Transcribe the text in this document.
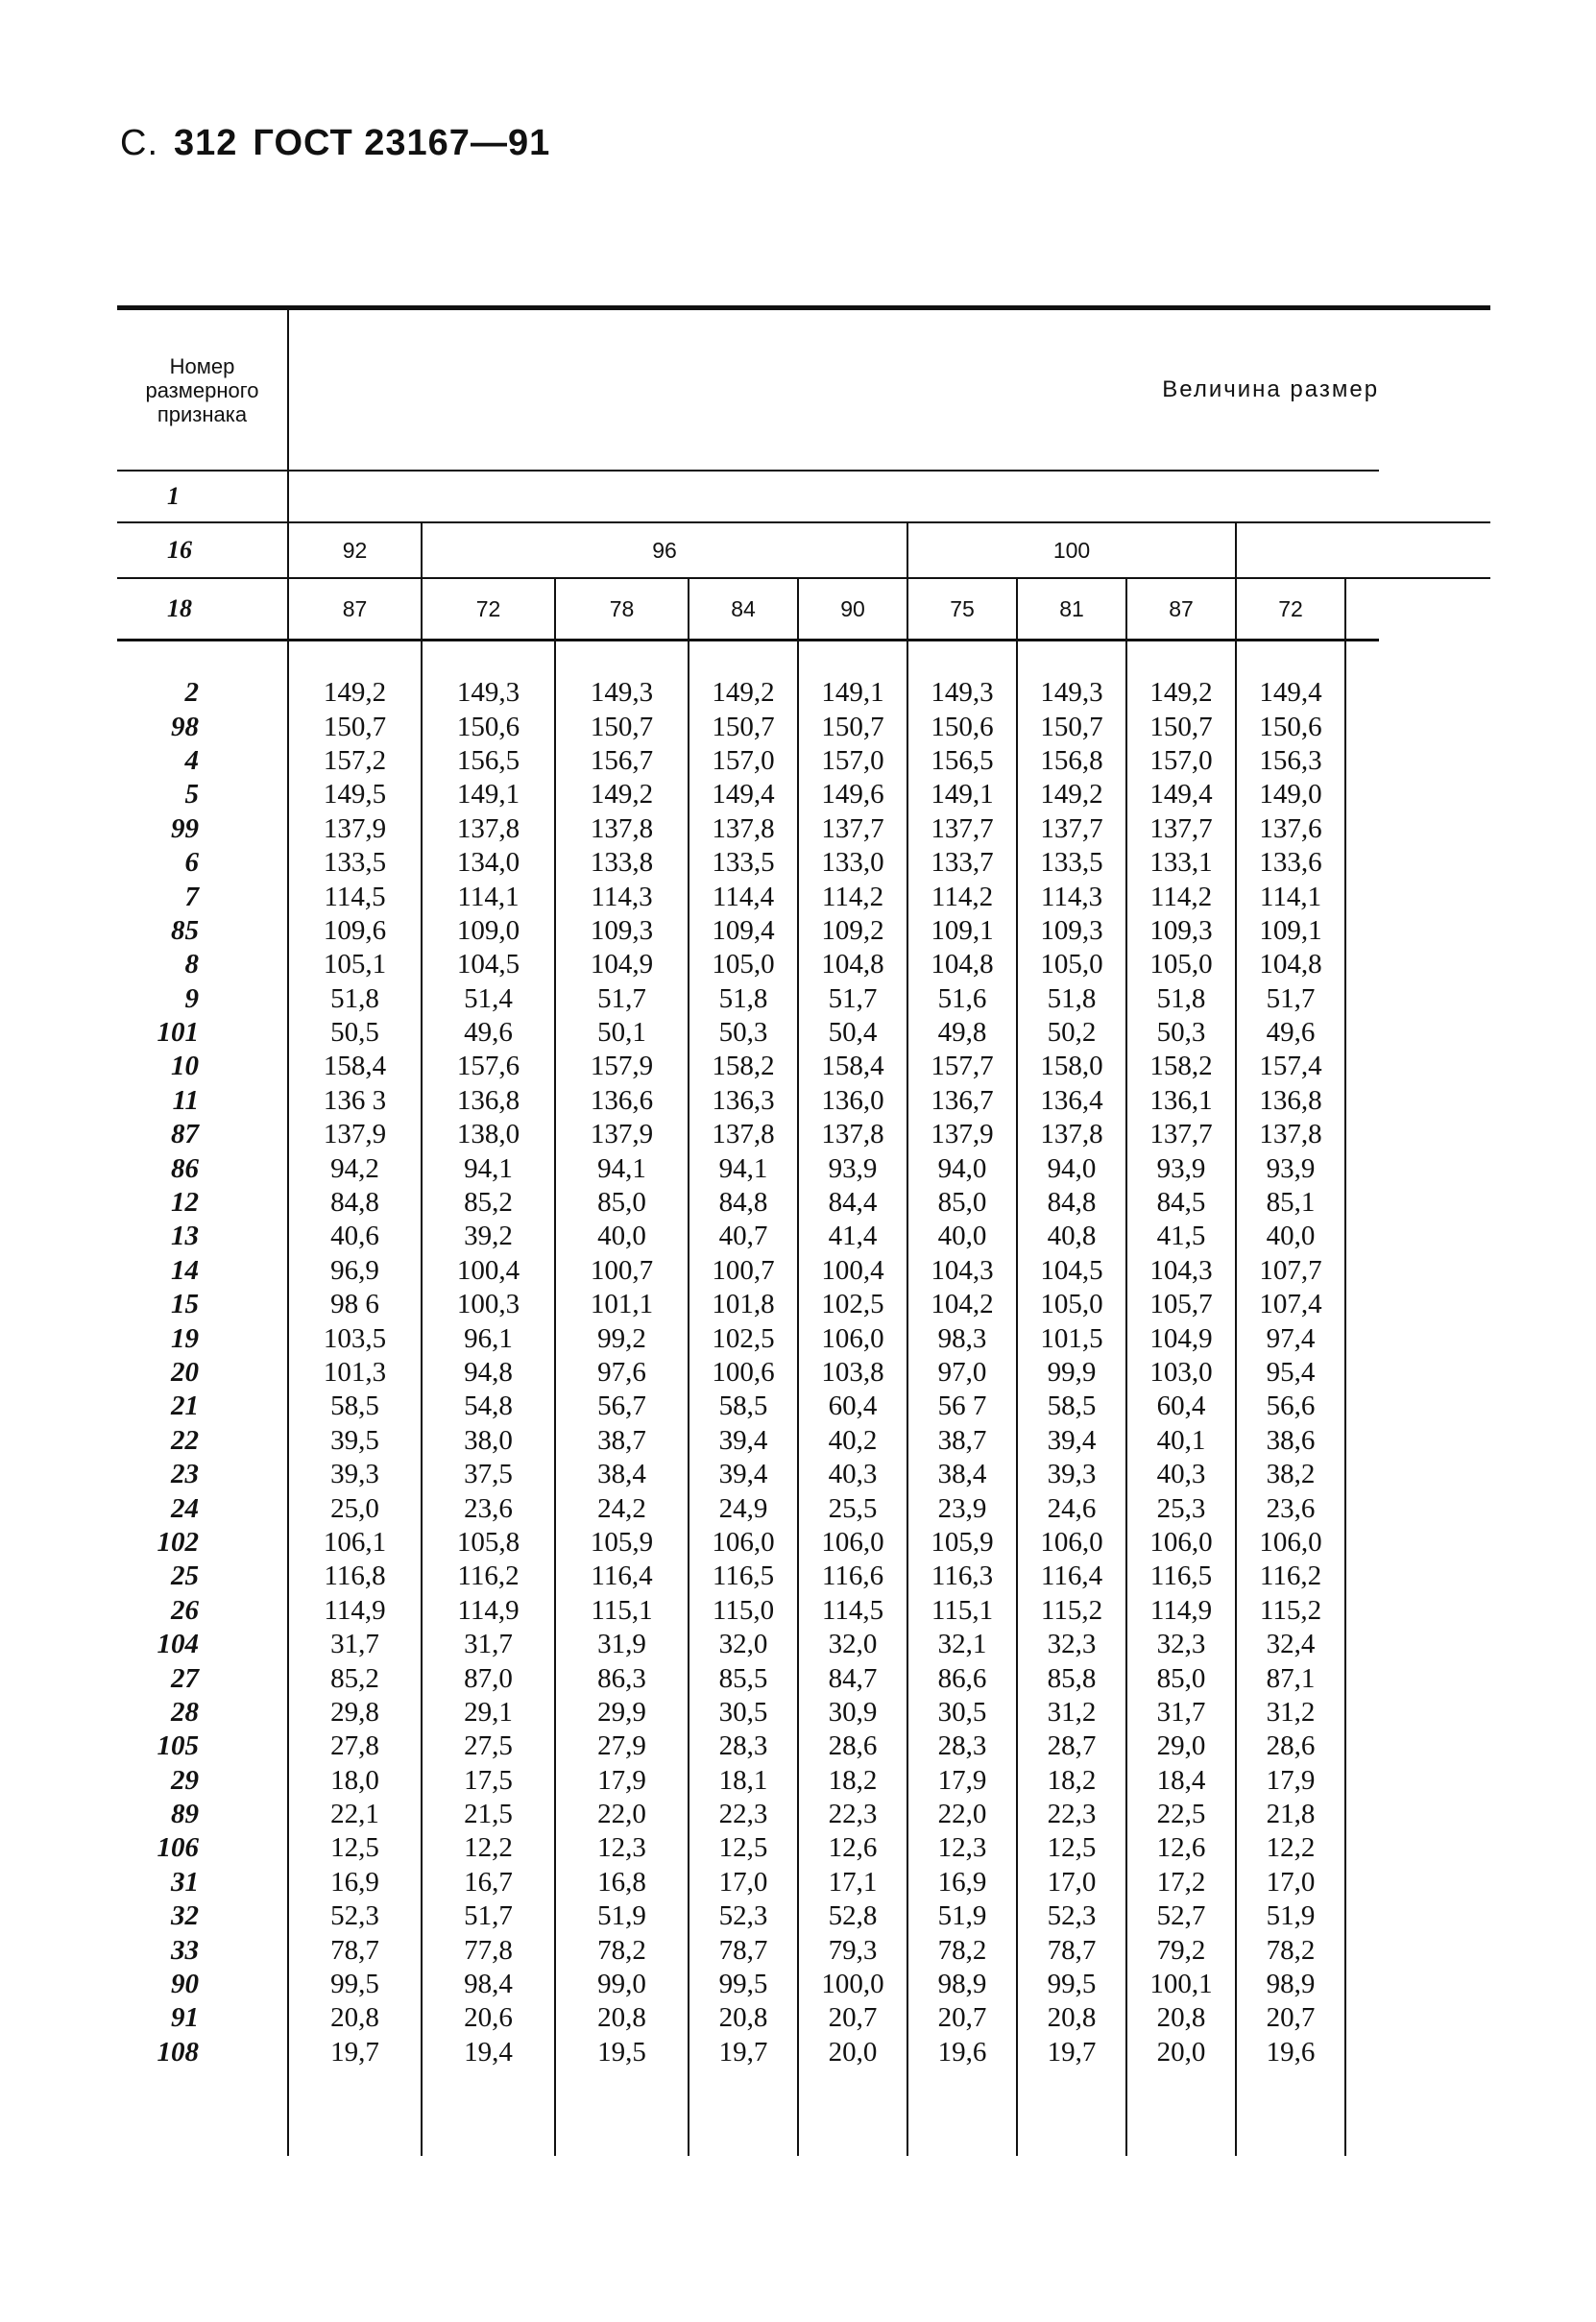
С. 312 ГОСТ 23167—91
Номер
размерного
признака	Величина размер									
1										
16	92	96				100				
18	87	72	78	84	90	75	81	87	72	
2	149,2	149,3	149,3	149,2	149,1	149,3	149,3	149,2	149,4	
98	150,7	150,6	150,7	150,7	150,7	150,6	150,7	150,7	150,6	
4	157,2	156,5	156,7	157,0	157,0	156,5	156,8	157,0	156,3	
5	149,5	149,1	149,2	149,4	149,6	149,1	149,2	149,4	149,0	
99	137,9	137,8	137,8	137,8	137,7	137,7	137,7	137,7	137,6	
6	133,5	134,0	133,8	133,5	133,0	133,7	133,5	133,1	133,6	
7	114,5	114,1	114,3	114,4	114,2	114,2	114,3	114,2	114,1	
85	109,6	109,0	109,3	109,4	109,2	109,1	109,3	109,3	109,1	
8	105,1	104,5	104,9	105,0	104,8	104,8	105,0	105,0	104,8	
9	51,8	51,4	51,7	51,8	51,7	51,6	51,8	51,8	51,7	
101	50,5	49,6	50,1	50,3	50,4	49,8	50,2	50,3	49,6	
10	158,4	157,6	157,9	158,2	158,4	157,7	158,0	158,2	157,4	
11	136 3	136,8	136,6	136,3	136,0	136,7	136,4	136,1	136,8	
87	137,9	138,0	137,9	137,8	137,8	137,9	137,8	137,7	137,8	
86	94,2	94,1	94,1	94,1	93,9	94,0	94,0	93,9	93,9	
12	84,8	85,2	85,0	84,8	84,4	85,0	84,8	84,5	85,1	
13	40,6	39,2	40,0	40,7	41,4	40,0	40,8	41,5	40,0	
14	96,9	100,4	100,7	100,7	100,4	104,3	104,5	104,3	107,7	
15	98 6	100,3	101,1	101,8	102,5	104,2	105,0	105,7	107,4	
19	103,5	96,1	99,2	102,5	106,0	98,3	101,5	104,9	97,4	
20	101,3	94,8	97,6	100,6	103,8	97,0	99,9	103,0	95,4	
21	58,5	54,8	56,7	58,5	60,4	56 7	58,5	60,4	56,6	
22	39,5	38,0	38,7	39,4	40,2	38,7	39,4	40,1	38,6	
23	39,3	37,5	38,4	39,4	40,3	38,4	39,3	40,3	38,2	
24	25,0	23,6	24,2	24,9	25,5	23,9	24,6	25,3	23,6	
102	106,1	105,8	105,9	106,0	106,0	105,9	106,0	106,0	106,0	
25	116,8	116,2	116,4	116,5	116,6	116,3	116,4	116,5	116,2	
26	114,9	114,9	115,1	115,0	114,5	115,1	115,2	114,9	115,2	
104	31,7	31,7	31,9	32,0	32,0	32,1	32,3	32,3	32,4	
27	85,2	87,0	86,3	85,5	84,7	86,6	85,8	85,0	87,1	
28	29,8	29,1	29,9	30,5	30,9	30,5	31,2	31,7	31,2	
105	27,8	27,5	27,9	28,3	28,6	28,3	28,7	29,0	28,6	
29	18,0	17,5	17,9	18,1	18,2	17,9	18,2	18,4	17,9	
89	22,1	21,5	22,0	22,3	22,3	22,0	22,3	22,5	21,8	
106	12,5	12,2	12,3	12,5	12,6	12,3	12,5	12,6	12,2	
31	16,9	16,7	16,8	17,0	17,1	16,9	17,0	17,2	17,0	
32	52,3	51,7	51,9	52,3	52,8	51,9	52,3	52,7	51,9	
33	78,7	77,8	78,2	78,7	79,3	78,2	78,7	79,2	78,2	
90	99,5	98,4	99,0	99,5	100,0	98,9	99,5	100,1	98,9	
91	20,8	20,6	20,8	20,8	20,7	20,7	20,8	20,8	20,7	
108	19,7	19,4	19,5	19,7	20,0	19,6	19,7	20,0	19,6	
